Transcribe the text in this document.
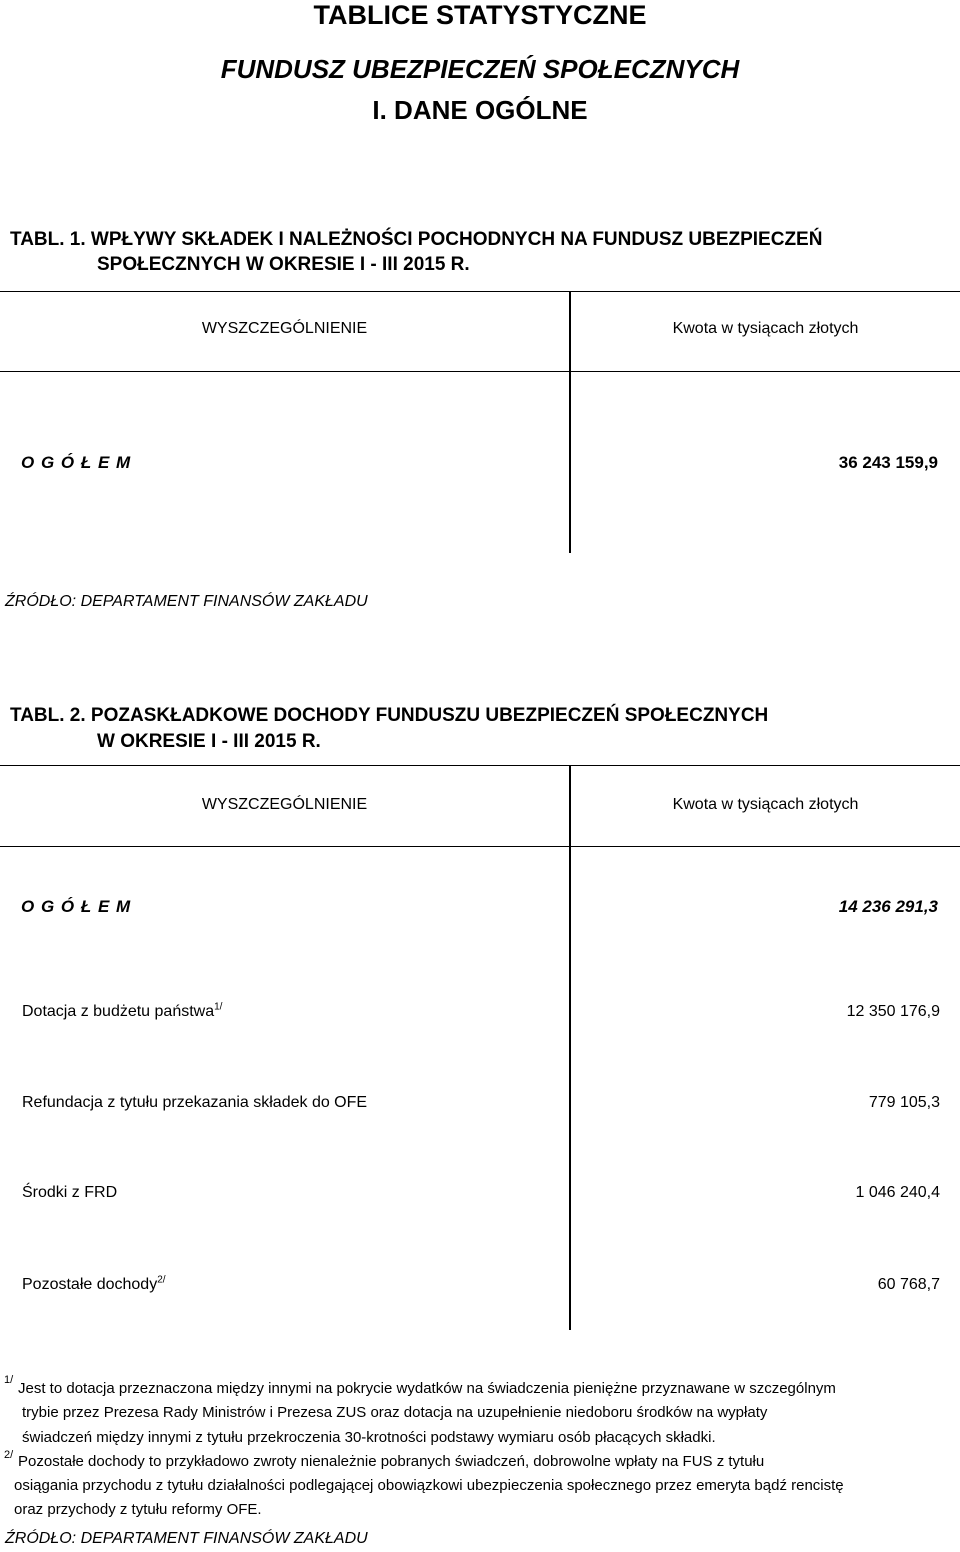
TABLICE STATYSTYCZNE
FUNDUSZ UBEZPIECZEŃ SPOŁECZNYCH
I. DANE OGÓLNE
TABL. 1. WPŁYWY SKŁADEK I NALEŻNOŚCI POCHODNYCH NA FUNDUSZ UBEZPIECZEŃ
SPOŁECZNYCH W OKRESIE I - III 2015 R.
WYSZCZEGÓLNIENIE	Kwota w tysiącach złotych
O G Ó Ł E M	36 243 159,9
ŹRÓDŁO: DEPARTAMENT FINANSÓW ZAKŁADU
TABL. 2. POZASKŁADKOWE DOCHODY FUNDUSZU UBEZPIECZEŃ SPOŁECZNYCH
W OKRESIE I - III 2015 R.
WYSZCZEGÓLNIENIE	Kwota w tysiącach złotych
O G Ó Ł E M	14 236 291,3
Dotacja z budżetu państwa$^{1/}$	12 350 176,9
Refundacja z tytułu przekazania składek do OFE	779 105,3
Środki z FRD	1 046 240,4
Pozostałe dochody$^{2/}$	60 768,7
1/ Jest to dotacja przeznaczona między innymi na pokrycie wydatków na świadczenia pieniężne przyznawane w szczególnym
trybie przez Prezesa Rady Ministrów i Prezesa ZUS oraz dotacja na uzupełnienie niedoboru środków na wypłaty
świadczeń między innymi z tytułu przekroczenia 30-krotności podstawy wymiaru osób płacących składki.
2/ Pozostałe dochody to przykładowo zwroty nienależnie pobranych świadczeń, dobrowolne wpłaty na FUS z tytułu
osiągania przychodu z tytułu działalności podlegającej obowiązkowi ubezpieczenia społecznego przez emeryta bądź rencistę
oraz przychody z tytułu reformy OFE.
ŹRÓDŁO: DEPARTAMENT FINANSÓW ZAKŁADU
